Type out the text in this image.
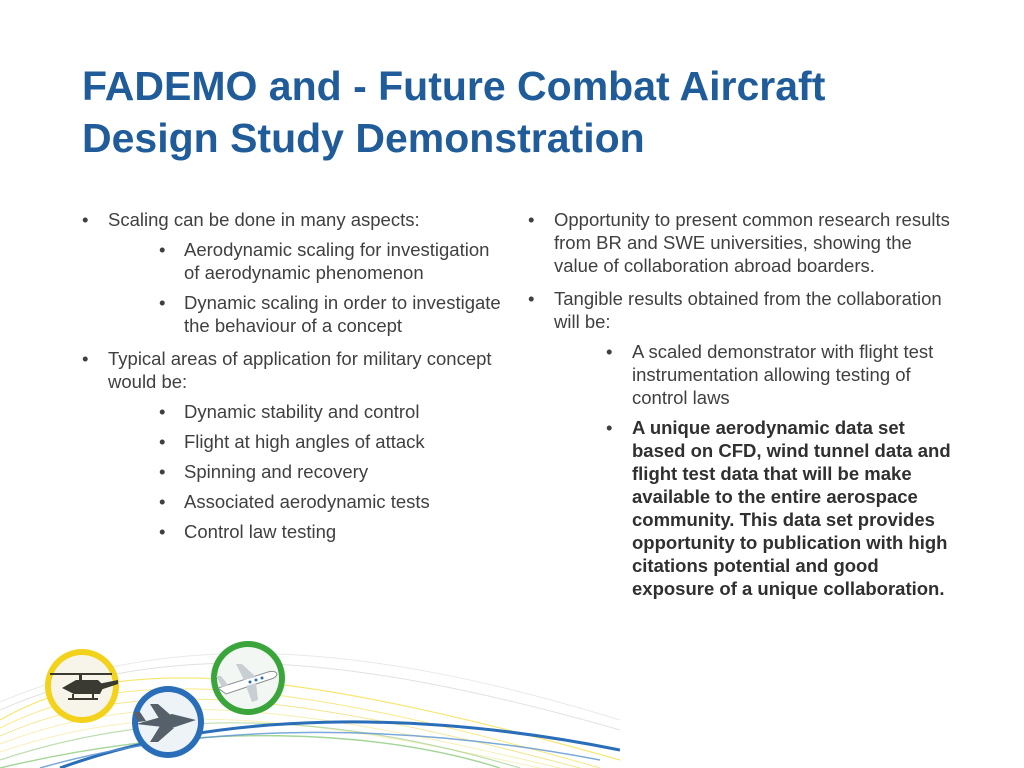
FADEMO and - Future Combat Aircraft
Design Study Demonstration
• Scaling can be done in many aspects:
• Aerodynamic scaling for investigation of aerodynamic phenomenon
• Dynamic scaling in order to investigate the behaviour of a concept
• Typical areas of application for military concept would be:
• Dynamic stability and control
• Flight at high angles of attack
• Spinning and recovery
• Associated aerodynamic tests
• Control law testing
• Opportunity to present common research results from BR and SWE universities, showing the value of collaboration abroad boarders.
• Tangible results obtained from the collaboration will be:
• A scaled demonstrator with flight test instrumentation allowing testing of control laws
• A unique aerodynamic data set based on CFD, wind tunnel data and flight test data that will be make available to the entire aerospace community. This data set provides opportunity to publication with high citations potential and good exposure of a unique collaboration.
